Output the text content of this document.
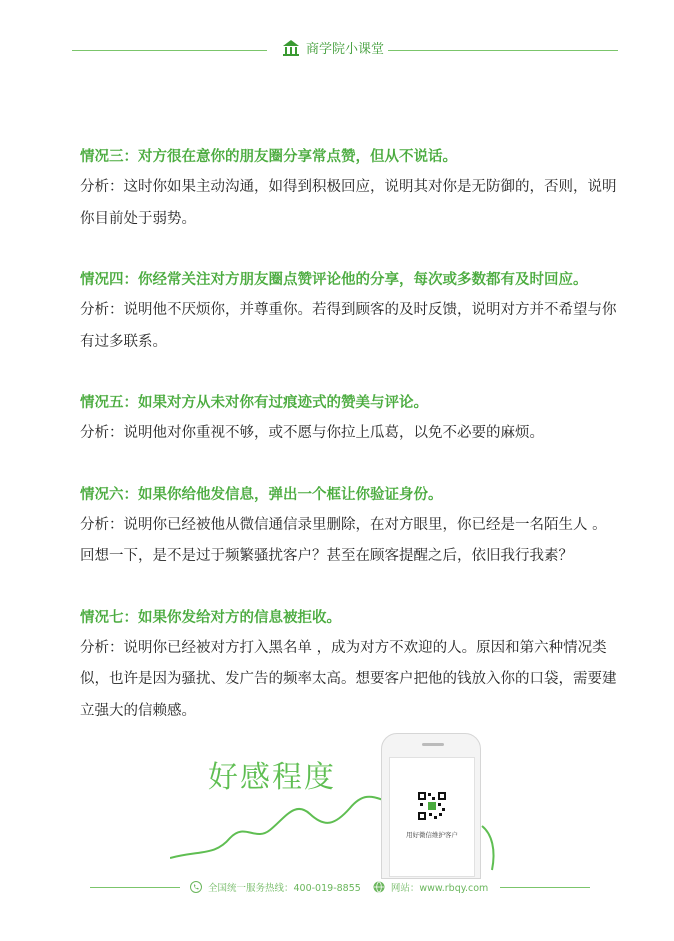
商学院小课堂
情况三：对方很在意你的朋友圈分享常点赞，但从不说话。
分析：这时你如果主动沟通，如得到积极回应，说明其对你是无防御的，否则，说明你目前处于弱势。
情况四：你经常关注对方朋友圈点赞评论他的分享，每次或多数都有及时回应。
分析：说明他不厌烦你，并尊重你。若得到顾客的及时反馈，说明对方并不希望与你有过多联系。
情况五：如果对方从未对你有过痕迹式的赞美与评论。
分析：说明他对你重视不够，或不愿与你拉上瓜葛，以免不必要的麻烦。
情况六：如果你给他发信息，弹出一个框让你验证身份。
分析：说明你已经被他从微信通信录里删除，在对方眼里，你已经是一名陌生人 。回想一下，是不是过于频繁骚扰客户？甚至在顾客提醒之后，依旧我行我素？
情况七：如果你发给对方的信息被拒收。
分析：说明你已经被对方打入黑名单 ，成为对方不欢迎的人。原因和第六种情况类似，也许是因为骚扰、发广告的频率太高。想要客户把他的钱放入你的口袋，需要建立强大的信赖感。
好感程度
用好微信维护客户
全国统一服务热线：400-019-8855	网站：www.rbqy.com
